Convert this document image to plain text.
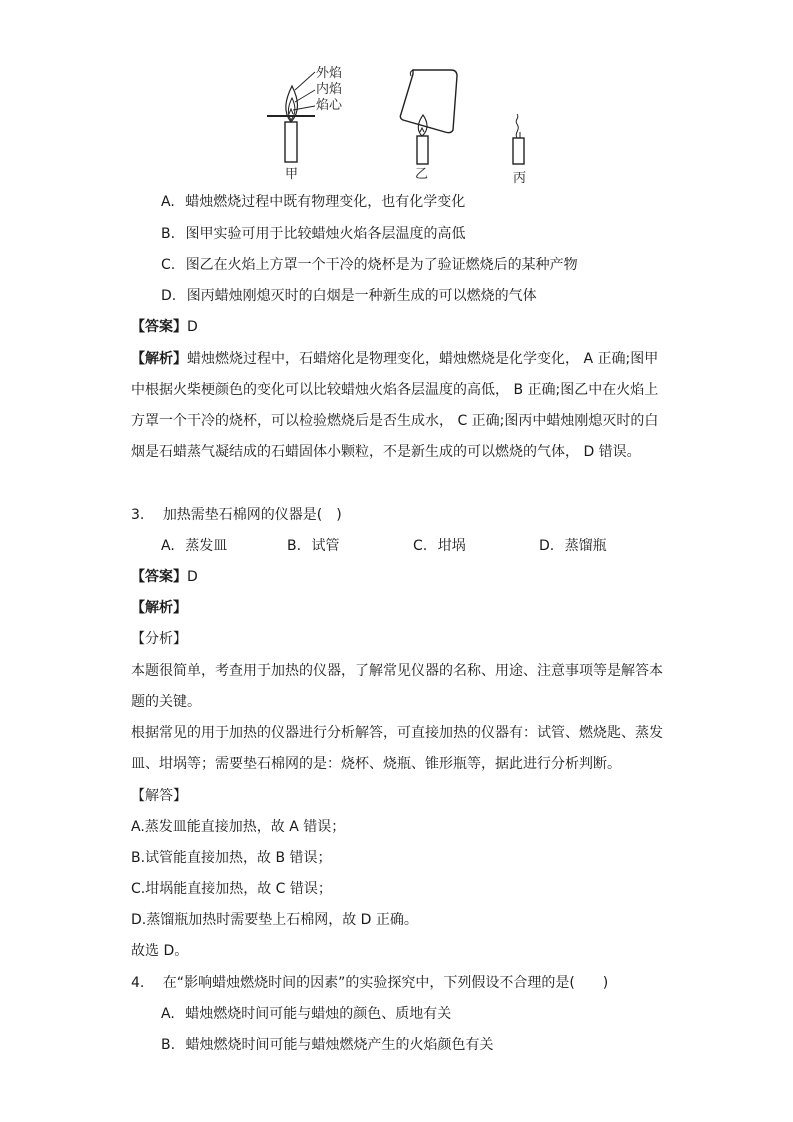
外焰
内焰
焰心
甲	乙	丙
A. 蜡烛燃烧过程中既有物理变化，也有化学变化
B. 图甲实验可用于比较蜡烛火焰各层温度的高低
C. 图乙在火焰上方罩一个干冷的烧杯是为了验证燃烧后的某种产物
D. 图丙蜡烛刚熄灭时的白烟是一种新生成的可以燃烧的气体
【答案】D
【解析】蜡烛燃烧过程中，石蜡熔化是物理变化，蜡烛燃烧是化学变化， A 正确;图甲
中根据火柴梗颜色的变化可以比较蜡烛火焰各层温度的高低， B 正确;图乙中在火焰上
方罩一个干冷的烧杯，可以检验燃烧后是否生成水， C 正确;图丙中蜡烛刚熄灭时的白
烟是石蜡蒸气凝结成的石蜡固体小颗粒，不是新生成的可以燃烧的气体， D 错误。
3. 加热需垫石棉网的仪器是(　)
A. 蒸发皿	B. 试管	C. 坩埚	D. 蒸馏瓶
【答案】D
【解析】
【分析】
本题很简单，考查用于加热的仪器，了解常见仪器的名称、用途、注意事项等是解答本
题的关键。
根据常见的用于加热的仪器进行分析解答，可直接加热的仪器有：试管、燃烧匙、蒸发
皿、坩埚等；需要垫石棉网的是：烧杯、烧瓶、锥形瓶等，据此进行分析判断。
【解答】
A.蒸发皿能直接加热，故 A 错误；
B.试管能直接加热，故 B 错误；
C.坩埚能直接加热，故 C 错误；
D.蒸馏瓶加热时需要垫上石棉网，故 D 正确。
故选 D。
4. 在“影响蜡烛燃烧时间的因素”的实验探究中，下列假设不合理的是(　　)
A. 蜡烛燃烧时间可能与蜡烛的颜色、质地有关
B. 蜡烛燃烧时间可能与蜡烛燃烧产生的火焰颜色有关
